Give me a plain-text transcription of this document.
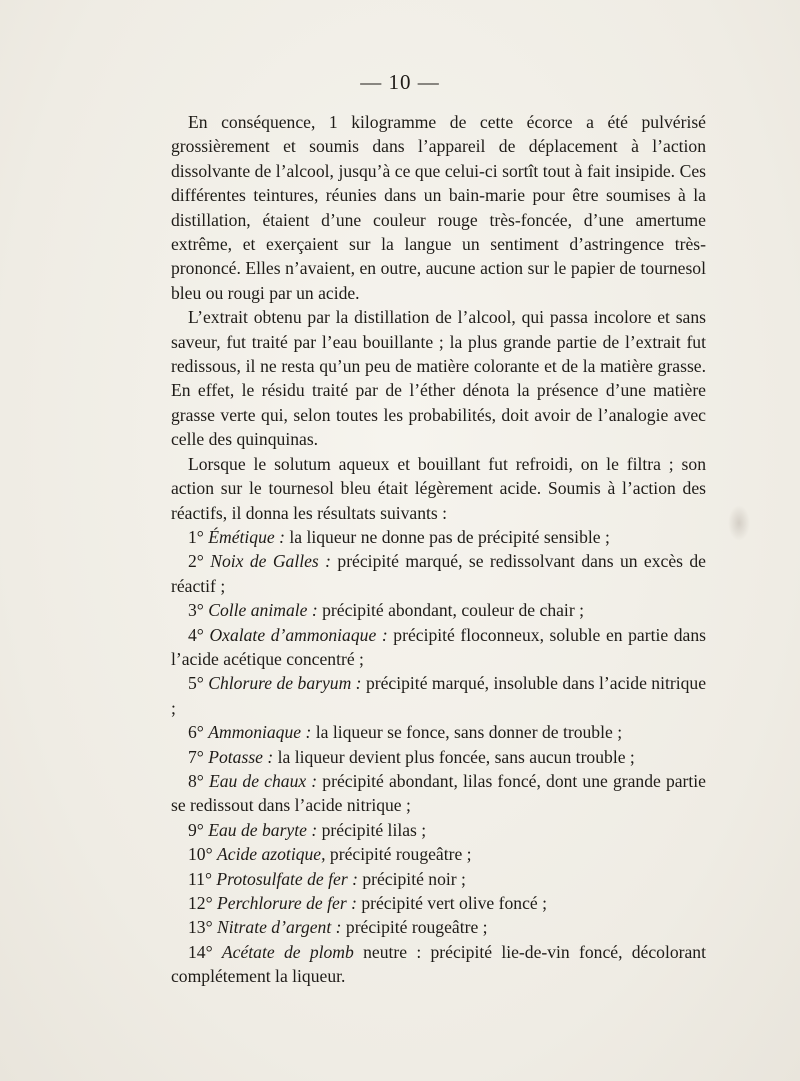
— 10 —

En conséquence, 1 kilogramme de cette écorce a été pulvérisé grossièrement et soumis dans l’appareil de déplacement à l’action dissolvante de l’alcool, jusqu’à ce que celui-ci sortît tout à fait insipide. Ces différentes teintures, réunies dans un bain-marie pour être soumises à la distillation, étaient d’une couleur rouge très-foncée, d’une amertume extrême, et exerçaient sur la langue un sentiment d’astringence très-prononcé. Elles n’avaient, en outre, aucune action sur le papier de tournesol bleu ou rougi par un acide.

L’extrait obtenu par la distillation de l’alcool, qui passa incolore et sans saveur, fut traité par l’eau bouillante ; la plus grande partie de l’extrait fut redissous, il ne resta qu’un peu de matière colorante et de la matière grasse. En effet, le résidu traité par de l’éther dénota la présence d’une matière grasse verte qui, selon toutes les probabilités, doit avoir de l’analogie avec celle des quinquinas.

Lorsque le solutum aqueux et bouillant fut refroidi, on le filtra ; son action sur le tournesol bleu était légèrement acide. Soumis à l’action des réactifs, il donna les résultats suivants :

1° Émétique : la liqueur ne donne pas de précipité sensible ;

2° Noix de Galles : précipité marqué, se redissolvant dans un excès de réactif ;

3° Colle animale : précipité abondant, couleur de chair ;

4° Oxalate d’ammoniaque : précipité floconneux, soluble en partie dans l’acide acétique concentré ;

5° Chlorure de baryum : précipité marqué, insoluble dans l’acide nitrique ;

6° Ammoniaque : la liqueur se fonce, sans donner de trouble ;

7° Potasse : la liqueur devient plus foncée, sans aucun trouble ;

8° Eau de chaux : précipité abondant, lilas foncé, dont une grande partie se redissout dans l’acide nitrique ;

9° Eau de baryte : précipité lilas ;

10° Acide azotique, précipité rougeâtre ;

11° Protosulfate de fer : précipité noir ;

12° Perchlorure de fer : précipité vert olive foncé ;

13° Nitrate d’argent : précipité rougeâtre ;

14° Acétate de plomb neutre : précipité lie-de-vin foncé, décolorant complétement la liqueur.
